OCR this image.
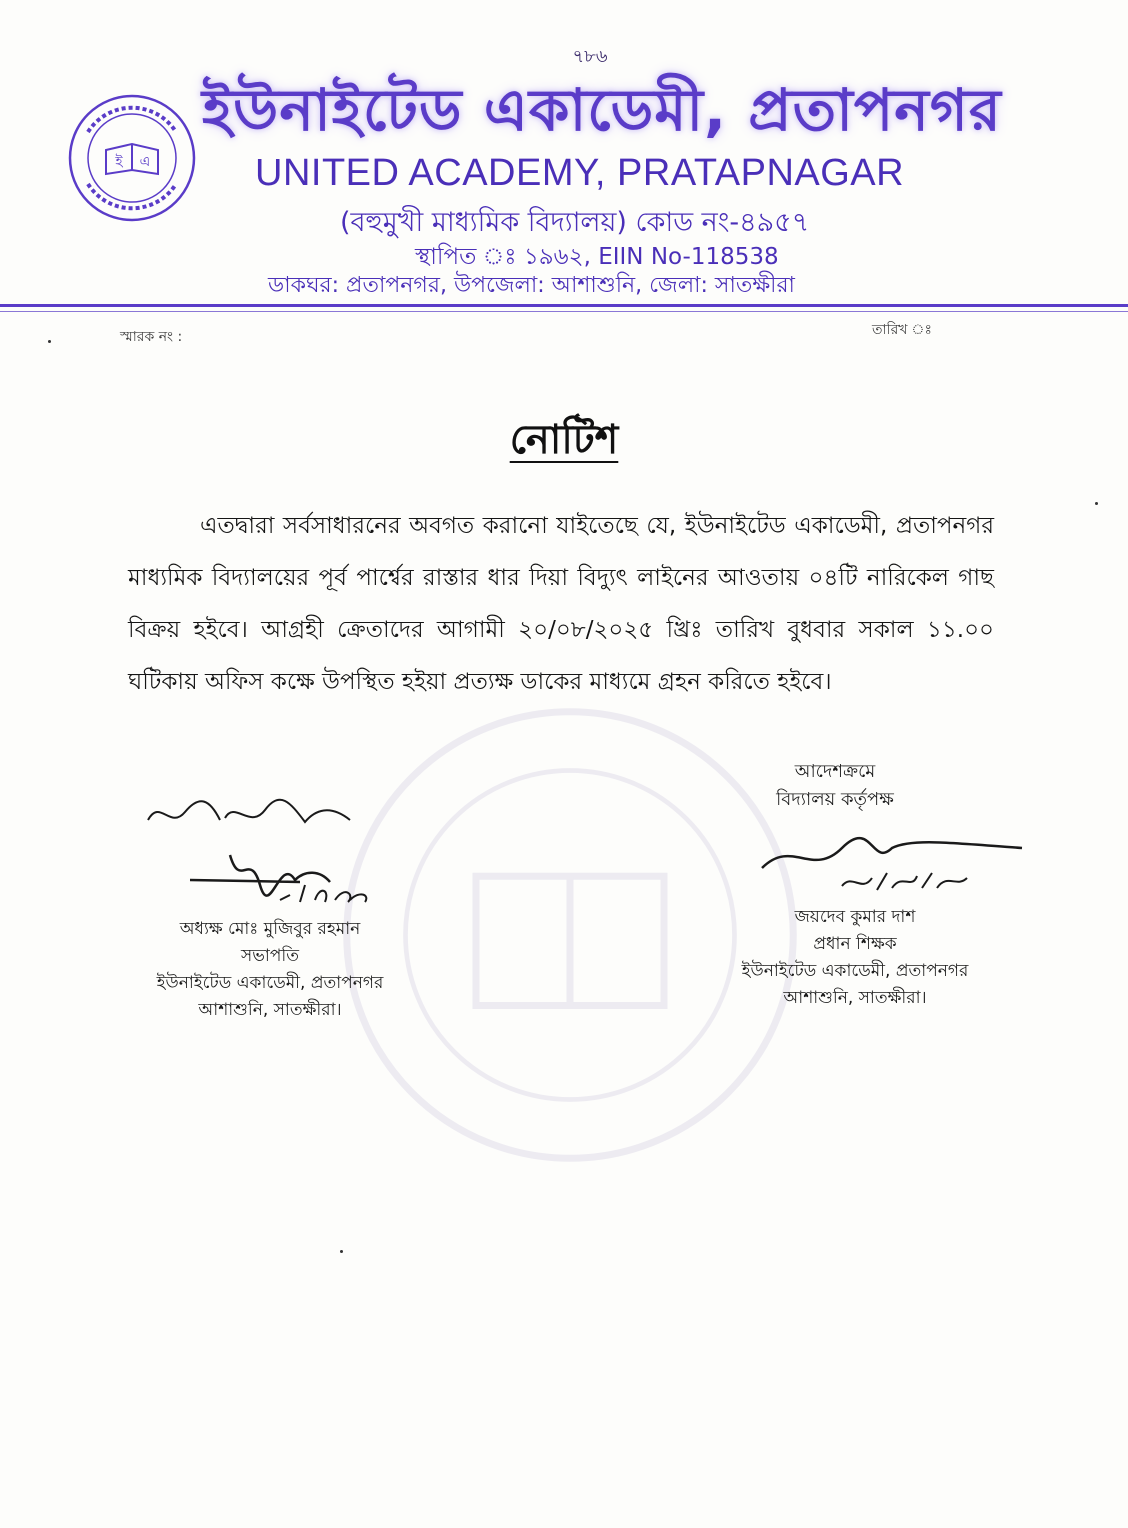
৭৮৬
ই এ
ইউনাইটেড একাডেমী, প্রতাপনগর
UNITED ACADEMY, PRATAPNAGAR
(বহুমুখী মাধ্যমিক বিদ্যালয়) কোড নং-৪৯৫৭
স্থাপিত ঃ ১৯৬২, EIIN No-118538
ডাকঘর: প্রতাপনগর, উপজেলা: আশাশুনি, জেলা: সাতক্ষীরা
স্মারক নং :	তারিখ ঃ
নোটিশ
এতদ্বারা সর্বসাধারনের অবগত করানো যাইতেছে যে, ইউনাইটেড একাডেমী, প্রতাপনগর মাধ্যমিক বিদ্যালয়ের পূর্ব পার্শ্বের রাস্তার ধার দিয়া বিদ্যুৎ লাইনের আওতায় ০৪টি নারিকেল গাছ বিক্রয় হইবে। আগ্রহী ক্রেতাদের আগামী ২০/০৮/২০২৫ খ্রিঃ তারিখ বুধবার সকাল ১১.০০ ঘটিকায় অফিস কক্ষে উপস্থিত হইয়া প্রত্যক্ষ ডাকের মাধ্যমে গ্রহন করিতে হইবে।
আদেশক্রমে
বিদ্যালয় কর্তৃপক্ষ
অধ্যক্ষ মোঃ মুজিবুর রহমান
সভাপতি
ইউনাইটেড একাডেমী, প্রতাপনগর
আশাশুনি, সাতক্ষীরা।
জয়দেব কুমার দাশ
প্রধান শিক্ষক
ইউনাইটেড একাডেমী, প্রতাপনগর
আশাশুনি, সাতক্ষীরা।
